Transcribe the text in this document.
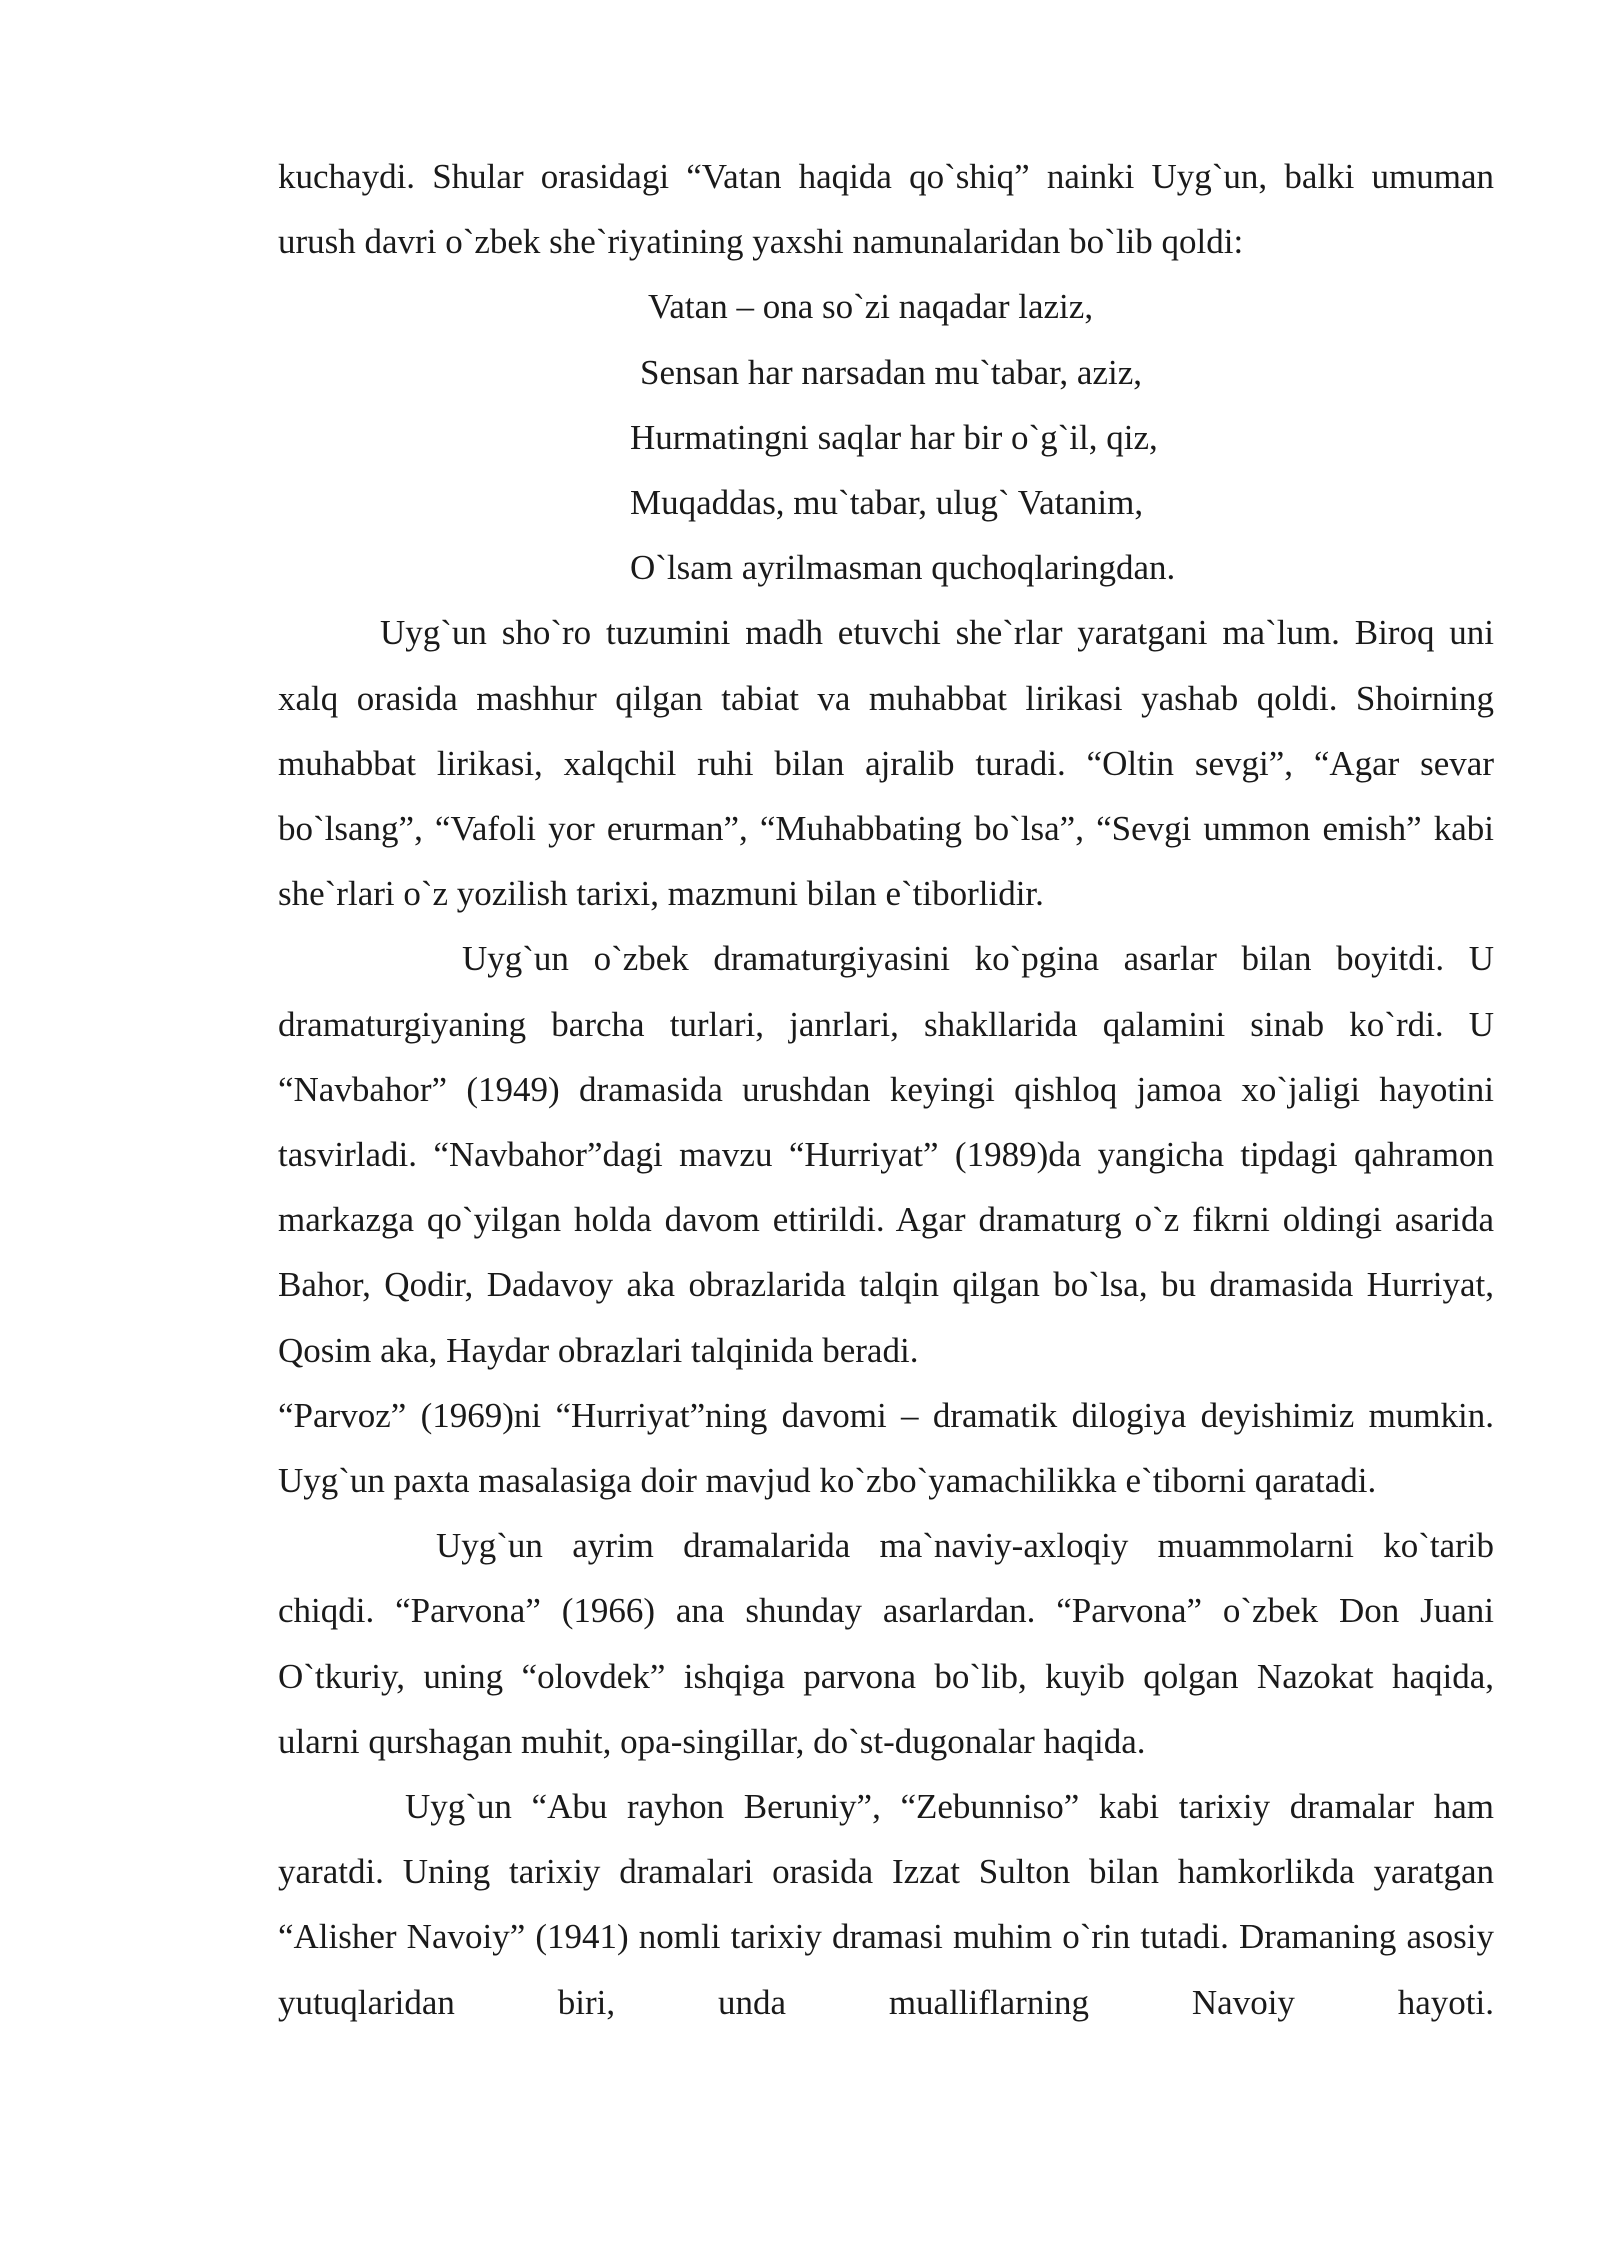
kuchaydi. Shular orasidagi “Vatan haqida qo`shiq” nainki Uyg`un, balki umuman urush davri o`zbek she`riyatining yaxshi namunalaridan bo`lib qoldi:

Vatan – ona so`zi naqadar laziz,
Sensan har narsadan mu`tabar, aziz,
Hurmatingni saqlar har bir o`g`il, qiz,
Muqaddas, mu`tabar, ulug` Vatanim,
O`lsam ayrilmasman quchoqlaringdan.

Uyg`un sho`ro tuzumini madh etuvchi she`rlar yaratgani ma`lum. Biroq uni xalq orasida mashhur qilgan tabiat va muhabbat lirikasi yashab qoldi. Shoirning muhabbat lirikasi, xalqchil ruhi bilan ajralib turadi. “Oltin sevgi”, “Agar sevar bo`lsang”, “Vafoli yor erurman”, “Muhabbating bo`lsa”, “Sevgi ummon emish” kabi she`rlari o`z yozilish tarixi, mazmuni bilan e`tiborlidir.

Uyg`un o`zbek dramaturgiyasini ko`pgina asarlar bilan boyitdi. U dramaturgiyaning barcha turlari, janrlari, shakllarida qalamini sinab ko`rdi. U “Navbahor” (1949) dramasida urushdan keyingi qishloq jamoa xo`jaligi hayotini tasvirladi. “Navbahor”dagi mavzu “Hurriyat” (1989)da yangicha tipdagi qahramon markazga qo`yilgan holda davom ettirildi. Agar dramaturg o`z fikrni oldingi asarida Bahor, Qodir, Dadavoy aka obrazlarida talqin qilgan bo`lsa, bu dramasida Hurriyat, Qosim aka, Haydar obrazlari talqinida beradi.

“Parvoz” (1969)ni “Hurriyat”ning davomi – dramatik dilogiya deyishimiz mumkin. Uyg`un paxta masalasiga doir mavjud ko`zbo`yamachilikka e`tiborni qaratadi.

Uyg`un ayrim dramalarida ma`naviy-axloqiy muammolarni ko`tarib chiqdi. “Parvona” (1966) ana shunday asarlardan. “Parvona” o`zbek Don Juani O`tkuriy, uning “olovdek” ishqiga parvona bo`lib, kuyib qolgan Nazokat haqida, ularni qurshagan muhit, opa-singillar, do`st-dugonalar haqida.

Uyg`un “Abu rayhon Beruniy”, “Zebunniso” kabi tarixiy dramalar ham yaratdi. Uning tarixiy dramalari orasida Izzat Sulton bilan hamkorlikda yaratgan “Alisher Navoiy” (1941) nomli tarixiy dramasi muhim o`rin tutadi. Dramaning asosiy yutuqlaridan biri, unda mualliflarning Navoiy hayoti.
